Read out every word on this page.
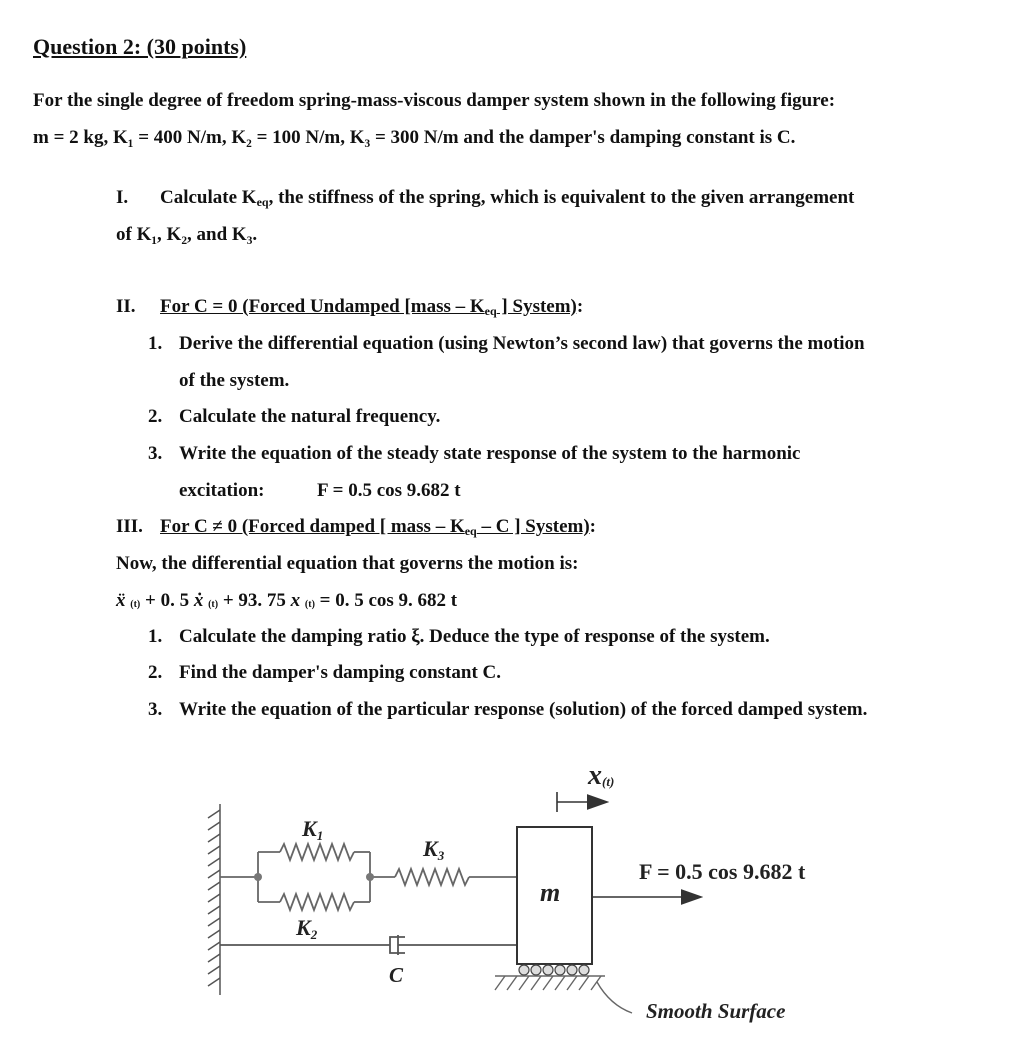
Question 2: (30 points)
For the single degree of freedom spring-mass-viscous damper system shown in the following figure:
m = 2 kg, K₁ = 400 N/m, K₂ = 100 N/m, K₃ = 300 N/m and the damper's damping constant is C.
I. Calculate $K_{eq}$, the stiffness of the spring, which is equivalent to the given arrangement
of K₁, K₂, and K₃.
II. For C = 0 (Forced Undamped [mass – $K_{eq}$ ] System):
1. Derive the differential equation (using Newton’s second law) that governs the motion
of the system.
2. Calculate the natural frequency.
3. Write the equation of the steady state response of the system to the harmonic
excitation:	F = 0.5 cos 9.682 t
III. For C ≠ 0 (Forced damped [ mass – $K_{eq}$ – C ] System):
Now, the differential equation that governs the motion is:
ẍ (t) + 0. 5 ẋ (t) + 93. 75 x (t) = 0. 5 cos 9. 682 t
1. Calculate the damping ratio ξ. Deduce the type of response of the system.
2. Find the damper's damping constant C.
3. Write the equation of the particular response (solution) of the forced damped system.
K1
K2
K3
C
m
x(t)
F = 0.5 cos 9.682 t
Smooth Surface
